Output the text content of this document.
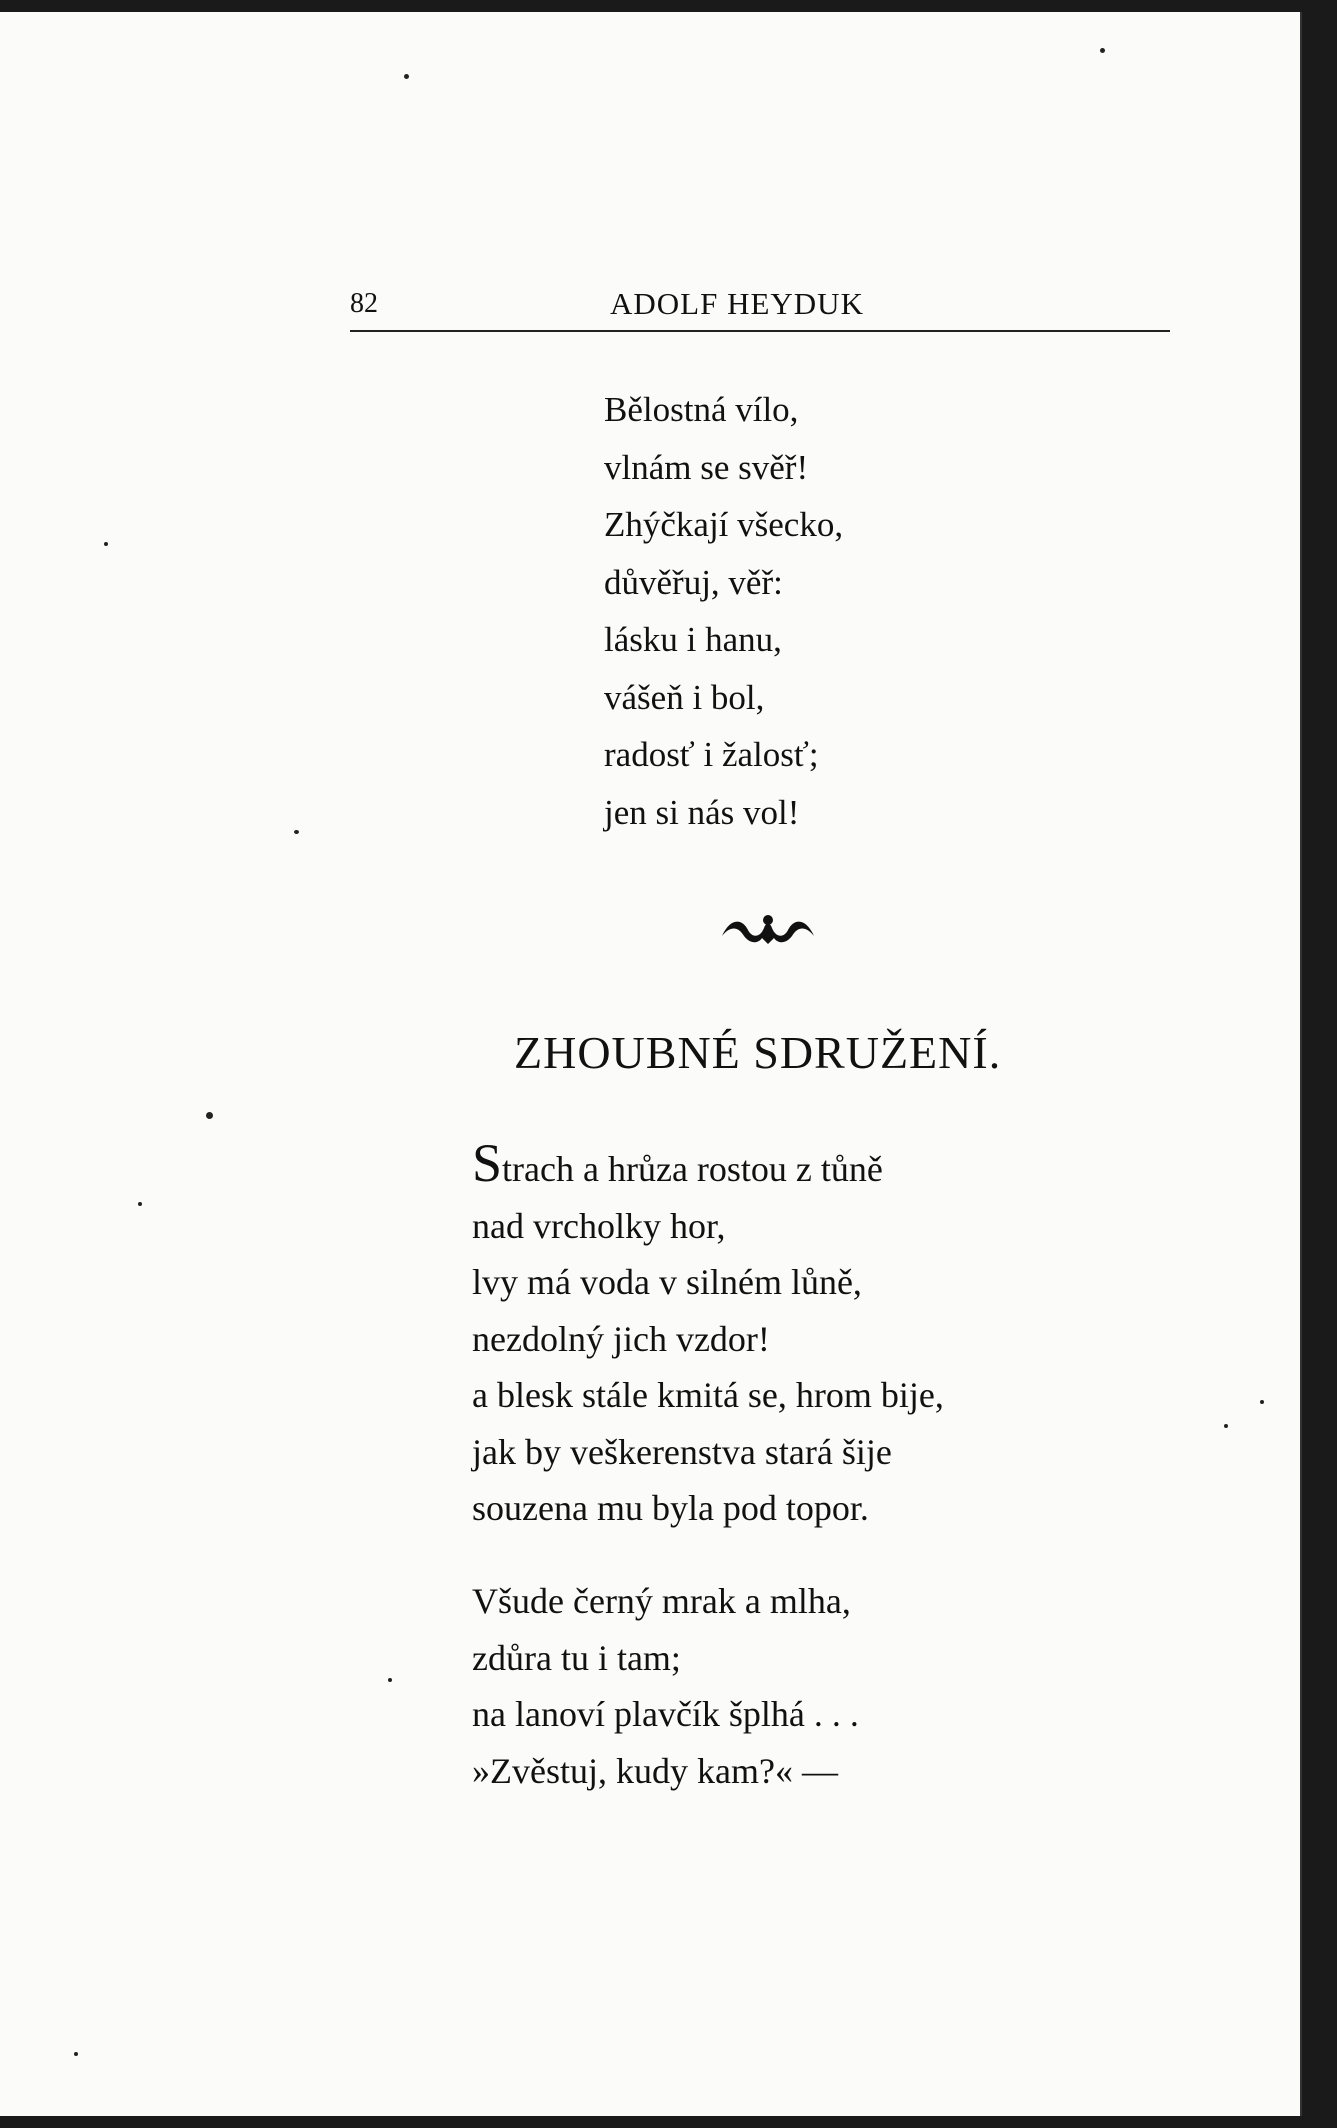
82	ADOLF HEYDUK
Bělostná vílo,
vlnám se svěř!
Zhýčkají všecko,
důvěřuj, věř:
lásku i hanu,
vášeň i bol,
radosť i žalosť;
jen si nás vol!
ZHOUBNÉ SDRUŽENÍ.
Strach a hrůza rostou z tůně
nad vrcholky hor,
lvy má voda v silném lůně,
nezdolný jich vzdor!
a blesk stále kmitá se, hrom bije,
jak by veškerenstva stará šije
souzena mu byla pod topor.
Všude černý mrak a mlha,
zdůra tu i tam;
na lanoví plavčík šplhá . . .
»Zvěstuj, kudy kam?« —
